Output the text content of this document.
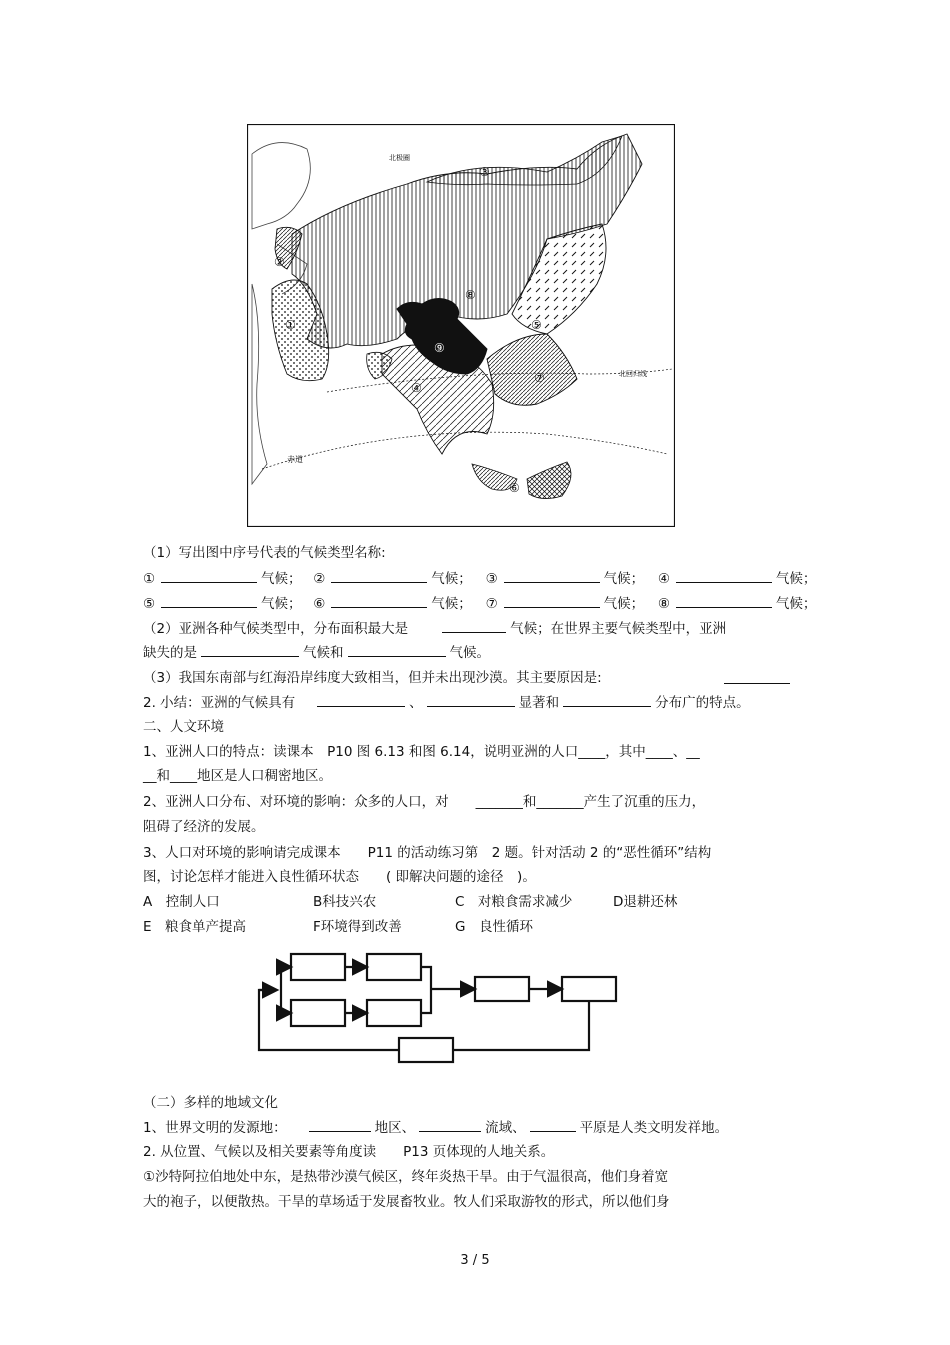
赤道
北回归线
北极圈
①
②
③
④
⑤
⑥
⑦
⑧
⑨
（1）写出图中序号代表的气候类型名称:
①	气候； ②	气候； ③	气候； ④	气候；
⑤	气候； ⑥	气候； ⑦	气候； ⑧	气候；
（2）亚洲各种气候类型中，分布面积最大是	气候；在世界主要气候类型中，亚洲
缺失的是	气候和	气候。
（3）我国东南部与红海沿岸纬度大致相当，但并未出现沙漠。其主要原因是:
2. 小结：亚洲的气候具有	、	显著和	分布广的特点。
二、人文环境
1、亚洲人口的特点：读课本　P10 图 6.13 和图 6.14，说明亚洲的人口____，其中____、__
__和____地区是人口稠密地区。
2、亚洲人口分布、对环境的影响：众多的人口，对　　_______和_______产生了沉重的压力，
阻碍了经济的发展。
3、人口对环境的影响请完成课本　　P11 的活动练习第　2 题。针对活动 2 的“恶性循环”结构
图，讨论怎样才能进入良性循环状态　　( 即解决问题的途径　)。
A　控制人口	B科技兴农	C　对粮食需求减少	D退耕还林
E　粮食单产提高	F环境得到改善	G　良性循环
（二）多样的地域文化
1、世界文明的发源地：	地区、	流域、	平原是人类文明发祥地。
2. 从位置、气候以及相关要素等角度读　　P13 页体现的人地关系。
①沙特阿拉伯地处中东，是热带沙漠气候区，终年炎热干旱。由于气温很高，他们身着宽
大的袍子，以便散热。干旱的草场适于发展畜牧业。牧人们采取游牧的形式，所以他们身
3 / 5
